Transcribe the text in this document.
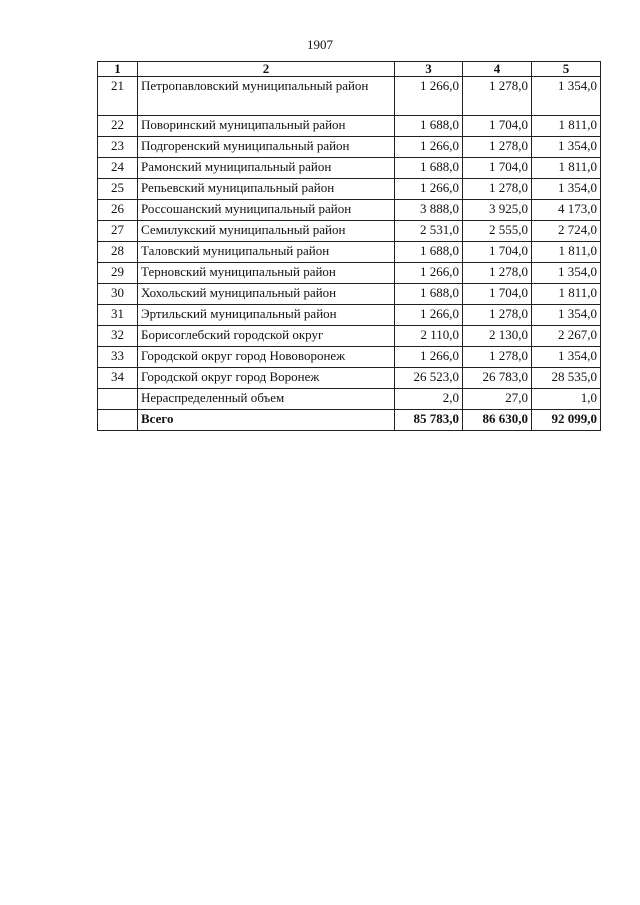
1907
1	2	3	4	5
21	Петропавловский муниципальный район	1 266,0	1 278,0	1 354,0
22	Поворинский муниципальный район	1 688,0	1 704,0	1 811,0
23	Подгоренский муниципальный район	1 266,0	1 278,0	1 354,0
24	Рамонский муниципальный район	1 688,0	1 704,0	1 811,0
25	Репьевский муниципальный район	1 266,0	1 278,0	1 354,0
26	Россошанский муниципальный район	3 888,0	3 925,0	4 173,0
27	Семилукский муниципальный район	2 531,0	2 555,0	2 724,0
28	Таловский муниципальный район	1 688,0	1 704,0	1 811,0
29	Терновский муниципальный район	1 266,0	1 278,0	1 354,0
30	Хохольский муниципальный район	1 688,0	1 704,0	1 811,0
31	Эртильский муниципальный район	1 266,0	1 278,0	1 354,0
32	Борисоглебский городской округ	2 110,0	2 130,0	2 267,0
33	Городской округ город Нововоронеж	1 266,0	1 278,0	1 354,0
34	Городской округ город Воронеж	26 523,0	26 783,0	28 535,0
	Нераспределенный объем	2,0	27,0	1,0
	Всего	85 783,0	86 630,0	92 099,0
